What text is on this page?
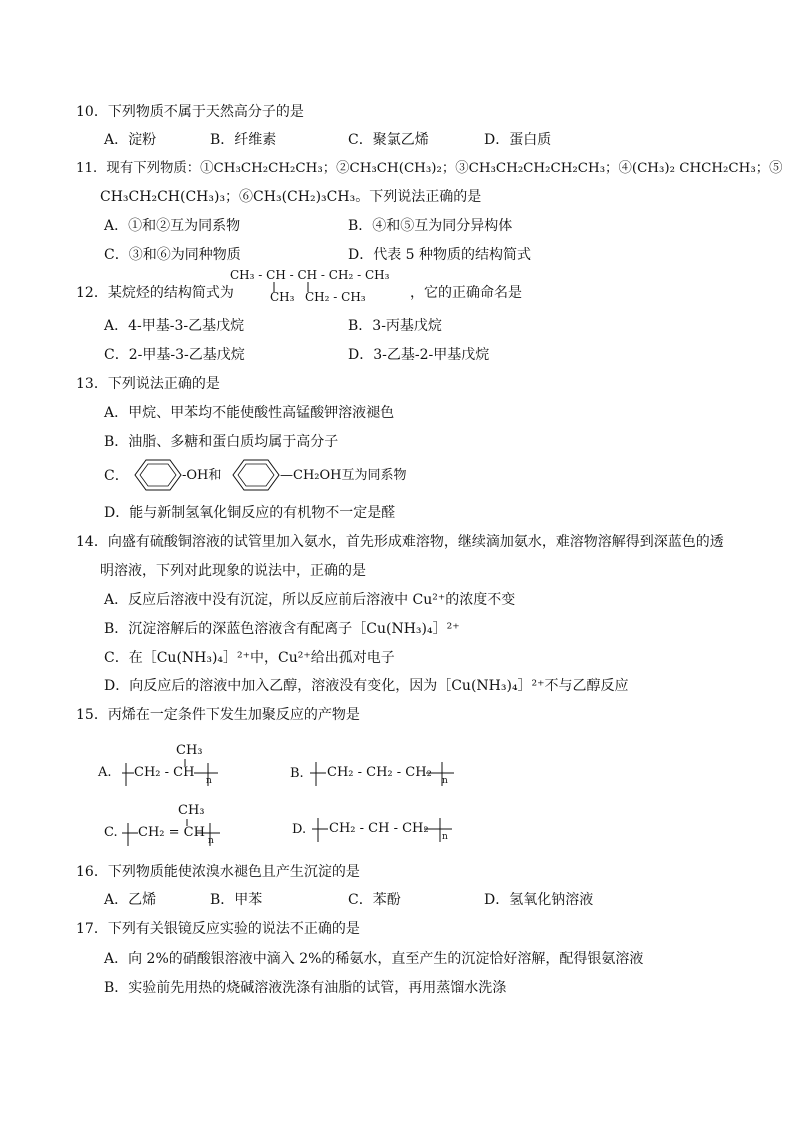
10．下列物质不属于天然高分子的是
A．淀粉	B．纤维素	C．聚氯乙烯	D．蛋白质
11．现有下列物质：①CH₃CH₂CH₂CH₃；②CH₃CH(CH₃)₂；③CH₃CH₂CH₂CH₂CH₃；④(CH₃)₂ CHCH₂CH₃；⑤
CH₃CH₂CH(CH₃)₃；⑥CH₃(CH₂)₃CH₃。下列说法正确的是
A．①和②互为同系物	B．④和⑤互为同分异构体
C．③和⑥为同种物质	D．代表 5 种物质的结构简式
12．某烷烃的结构简式为
CH₃ - CH - CH - CH₂ - CH₃
CH₃ CH₂ - CH₃	，它的正确命名是
A．4-甲基-3-乙基戊烷	B．3-丙基戊烷
C．2-甲基-3-乙基戊烷	D．3-乙基-2-甲基戊烷
13．下列说法正确的是
A．甲烷、甲苯均不能使酸性高锰酸钾溶液褪色
B．油脂、多糖和蛋白质均属于高分子
C．	-OH和	—CH₂OH互为同系物
D．能与新制氢氧化铜反应的有机物不一定是醛
14．向盛有硫酸铜溶液的试管里加入氨水，首先形成难溶物，继续滴加氨水，难溶物溶解得到深蓝色的透
明溶液，下列对此现象的说法中，正确的是
A．反应后溶液中没有沉淀，所以反应前后溶液中 Cu²⁺的浓度不变
B．沉淀溶解后的深蓝色溶液含有配离子［Cu(NH₃)₄］²⁺
C．在［Cu(NH₃)₄］²⁺中，Cu²⁺给出孤对电子
D．向反应后的溶液中加入乙醇，溶液没有变化，因为［Cu(NH₃)₄］²⁺不与乙醇反应
15．丙烯在一定条件下发生加聚反应的产物是
A.
CH₃
CH₂ - CH
n	B. CH₂ - CH₂ - CH₂
n
C.
CH₃
CH₂ = CH
n
D. CH₂ - CH - CH₂
n
16．下列物质能使浓溴水褪色且产生沉淀的是
A．乙烯	B．甲苯	C．苯酚	D．氢氧化钠溶液
17．下列有关银镜反应实验的说法不正确的是
A．向 2%的硝酸银溶液中滴入 2%的稀氨水，直至产生的沉淀恰好溶解，配得银氨溶液
B．实验前先用热的烧碱溶液洗涤有油脂的试管，再用蒸馏水洗涤
